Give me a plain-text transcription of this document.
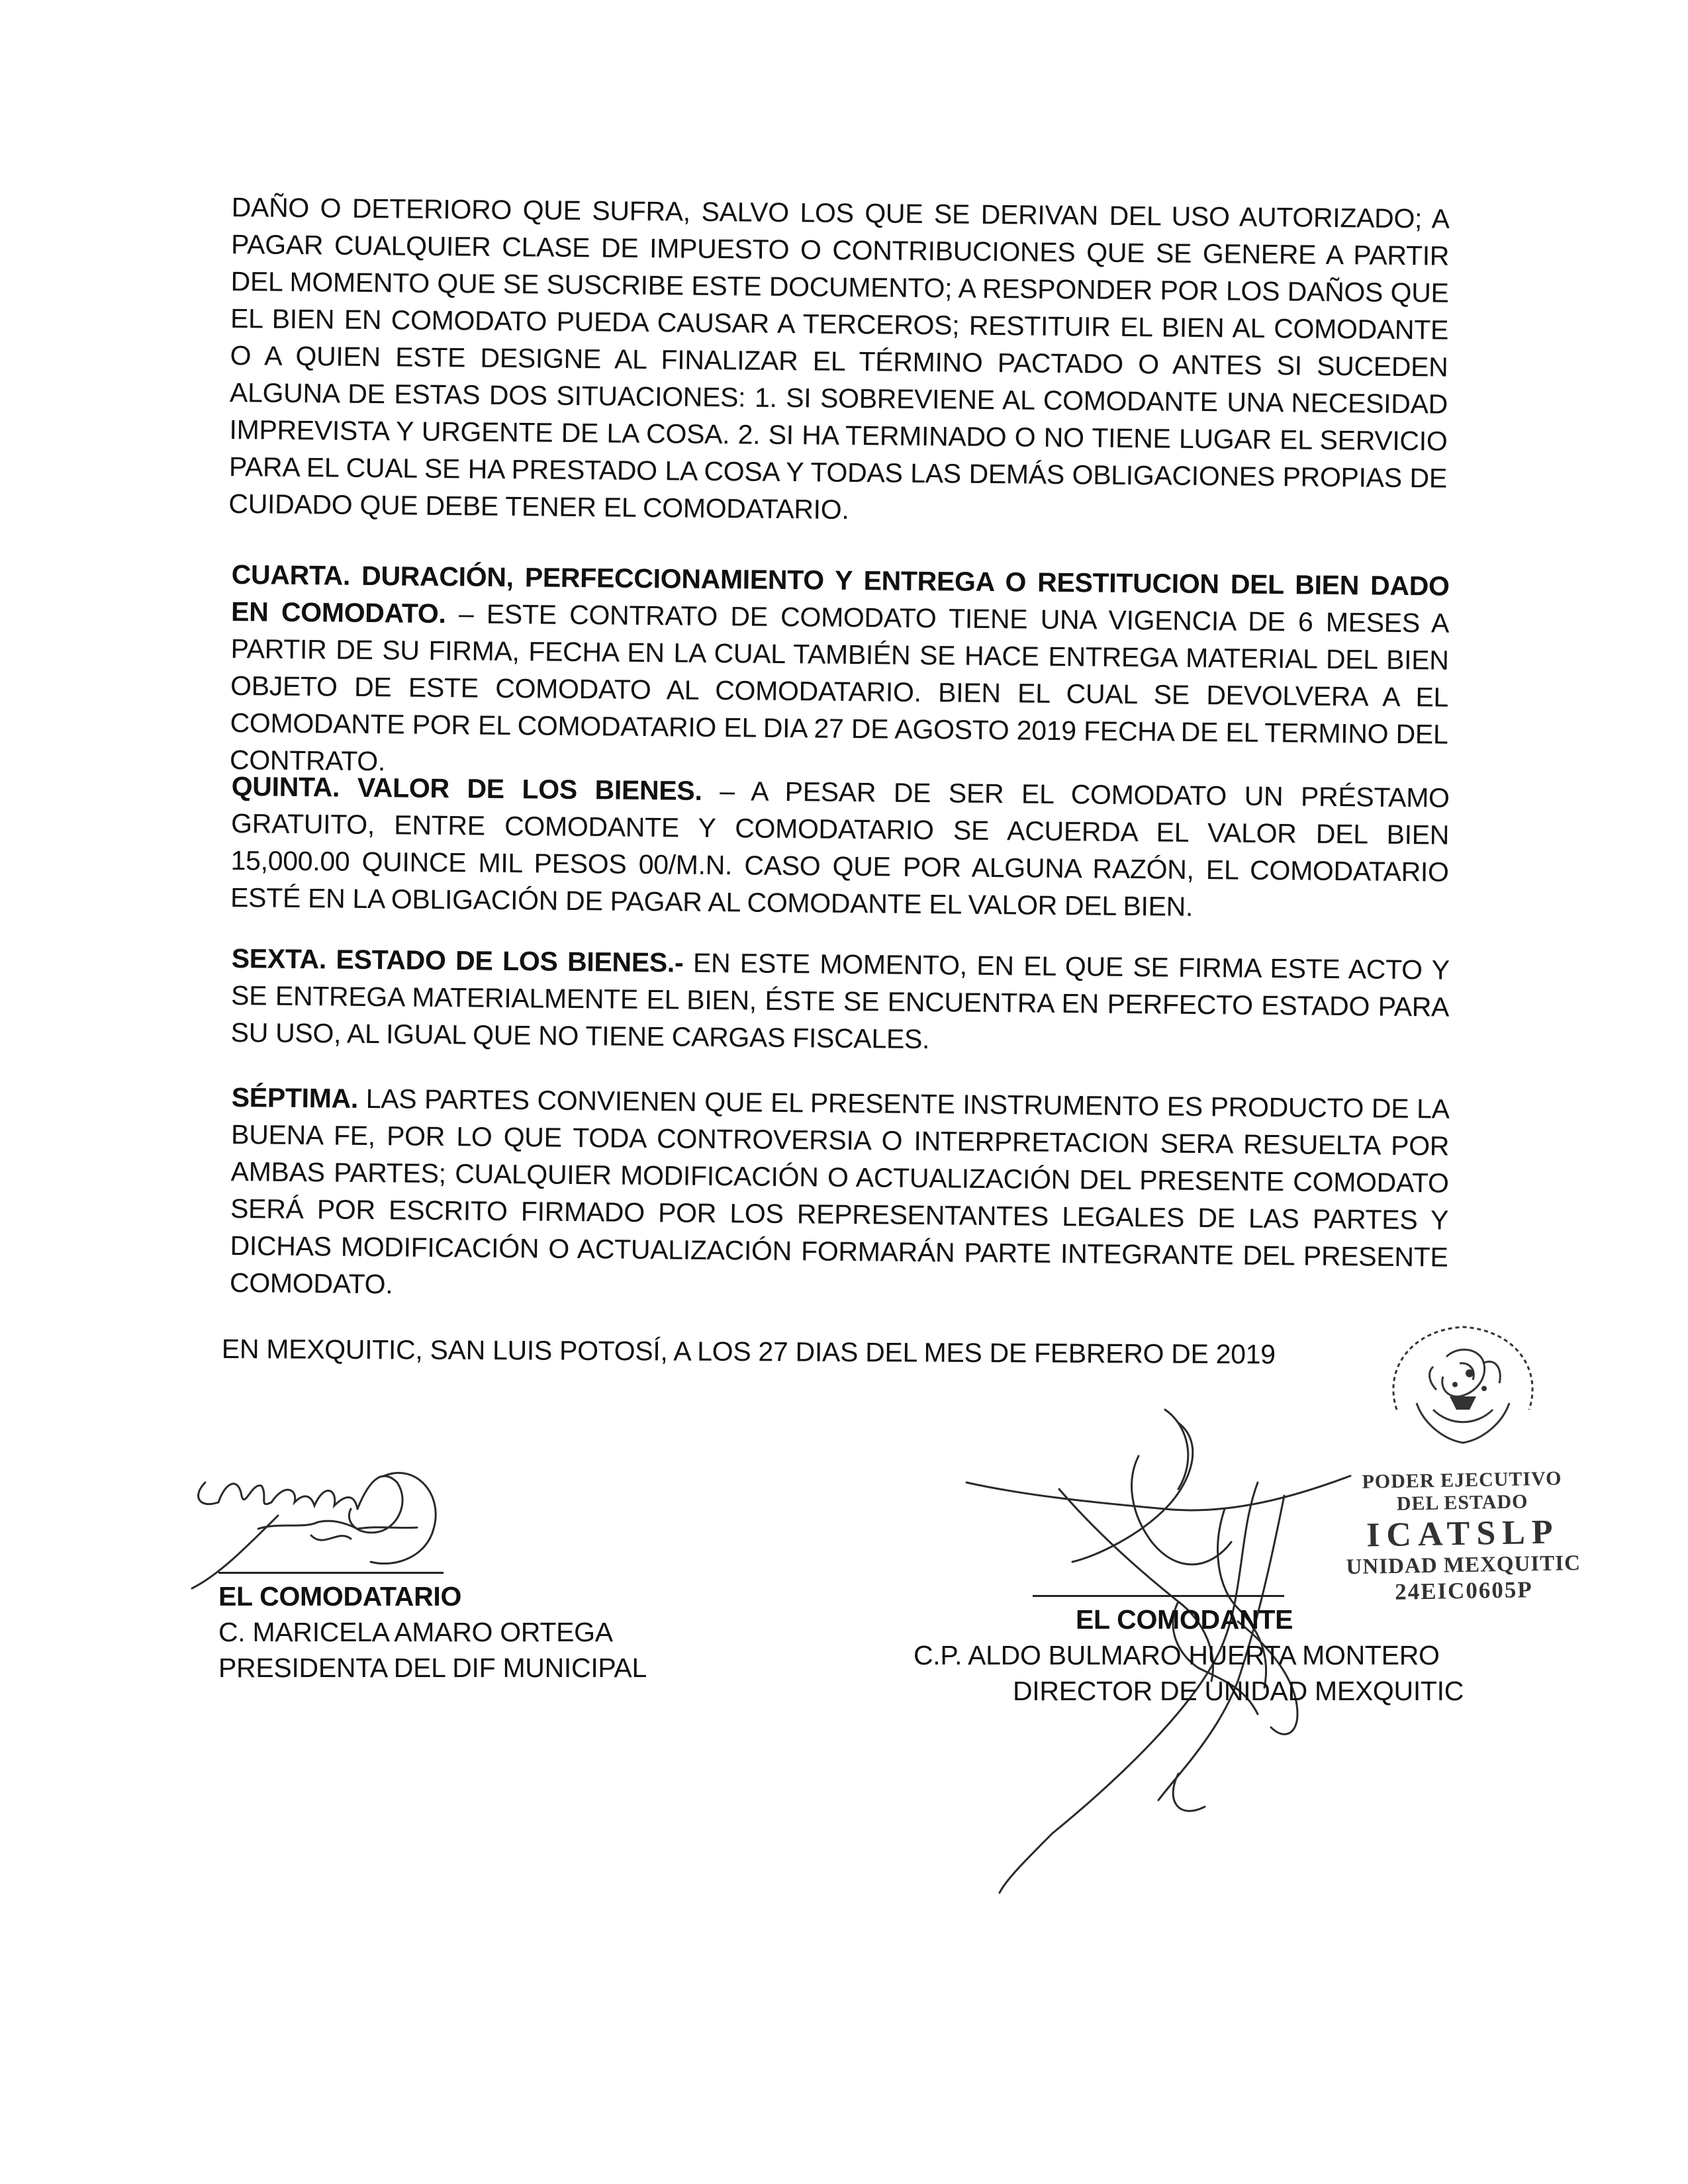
DAÑO O DETERIORO QUE SUFRA, SALVO LOS QUE SE DERIVAN DEL USO AUTORIZADO; A PAGAR CUALQUIER CLASE DE IMPUESTO O CONTRIBUCIONES QUE SE GENERE A PARTIR DEL MOMENTO QUE SE SUSCRIBE ESTE DOCUMENTO; A RESPONDER POR LOS DAÑOS QUE EL BIEN EN COMODATO PUEDA CAUSAR A TERCEROS; RESTITUIR EL BIEN AL COMODANTE O A QUIEN ESTE DESIGNE AL FINALIZAR EL TÉRMINO PACTADO O ANTES SI SUCEDEN ALGUNA DE ESTAS DOS SITUACIONES: 1. SI SOBREVIENE AL COMODANTE UNA NECESIDAD IMPREVISTA Y URGENTE DE LA COSA. 2. SI HA TERMINADO O NO TIENE LUGAR EL SERVICIO PARA EL CUAL SE HA PRESTADO LA COSA Y TODAS LAS DEMÁS OBLIGACIONES PROPIAS DE CUIDADO QUE DEBE TENER EL COMODATARIO.
CUARTA. DURACIÓN, PERFECCIONAMIENTO Y ENTREGA O RESTITUCION DEL BIEN DADO EN COMODATO. – ESTE CONTRATO DE COMODATO TIENE UNA VIGENCIA DE 6 MESES A PARTIR DE SU FIRMA, FECHA EN LA CUAL TAMBIÉN SE HACE ENTREGA MATERIAL DEL BIEN OBJETO DE ESTE COMODATO AL COMODATARIO. BIEN EL CUAL SE DEVOLVERA A EL COMODANTE POR EL COMODATARIO EL DIA 27 DE AGOSTO 2019 FECHA DE EL TERMINO DEL CONTRATO.
QUINTA. VALOR DE LOS BIENES. – A PESAR DE SER EL COMODATO UN PRÉSTAMO GRATUITO, ENTRE COMODANTE Y COMODATARIO SE ACUERDA EL VALOR DEL BIEN 15,000.00 QUINCE MIL PESOS 00/M.N. CASO QUE POR ALGUNA RAZÓN, EL COMODATARIO ESTÉ EN LA OBLIGACIÓN DE PAGAR AL COMODANTE EL VALOR DEL BIEN.
SEXTA. ESTADO DE LOS BIENES.- EN ESTE MOMENTO, EN EL QUE SE FIRMA ESTE ACTO Y SE ENTREGA MATERIALMENTE EL BIEN, ÉSTE SE ENCUENTRA EN PERFECTO ESTADO PARA SU USO, AL IGUAL QUE NO TIENE CARGAS FISCALES.
SÉPTIMA. LAS PARTES CONVIENEN QUE EL PRESENTE INSTRUMENTO ES PRODUCTO DE LA BUENA FE, POR LO QUE TODA CONTROVERSIA O INTERPRETACION SERA RESUELTA POR AMBAS PARTES; CUALQUIER MODIFICACIÓN O ACTUALIZACIÓN DEL PRESENTE COMODATO SERÁ POR ESCRITO FIRMADO POR LOS REPRESENTANTES LEGALES DE LAS PARTES Y DICHAS MODIFICACIÓN O ACTUALIZACIÓN FORMARÁN PARTE INTEGRANTE DEL PRESENTE COMODATO.
EN MEXQUITIC, SAN LUIS POTOSÍ, A LOS 27 DIAS DEL MES DE FEBRERO DE 2019
EL COMODATARIO
C. MARICELA AMARO ORTEGA
PRESIDENTA DEL DIF MUNICIPAL
EL COMODANTE
C.P. ALDO BULMARO HUERTA MONTERO
DIRECTOR DE UNIDAD MEXQUITIC
PODER EJECUTIVO
DEL ESTADO
ICATSLP
UNIDAD MEXQUITIC
24EIC0605P
